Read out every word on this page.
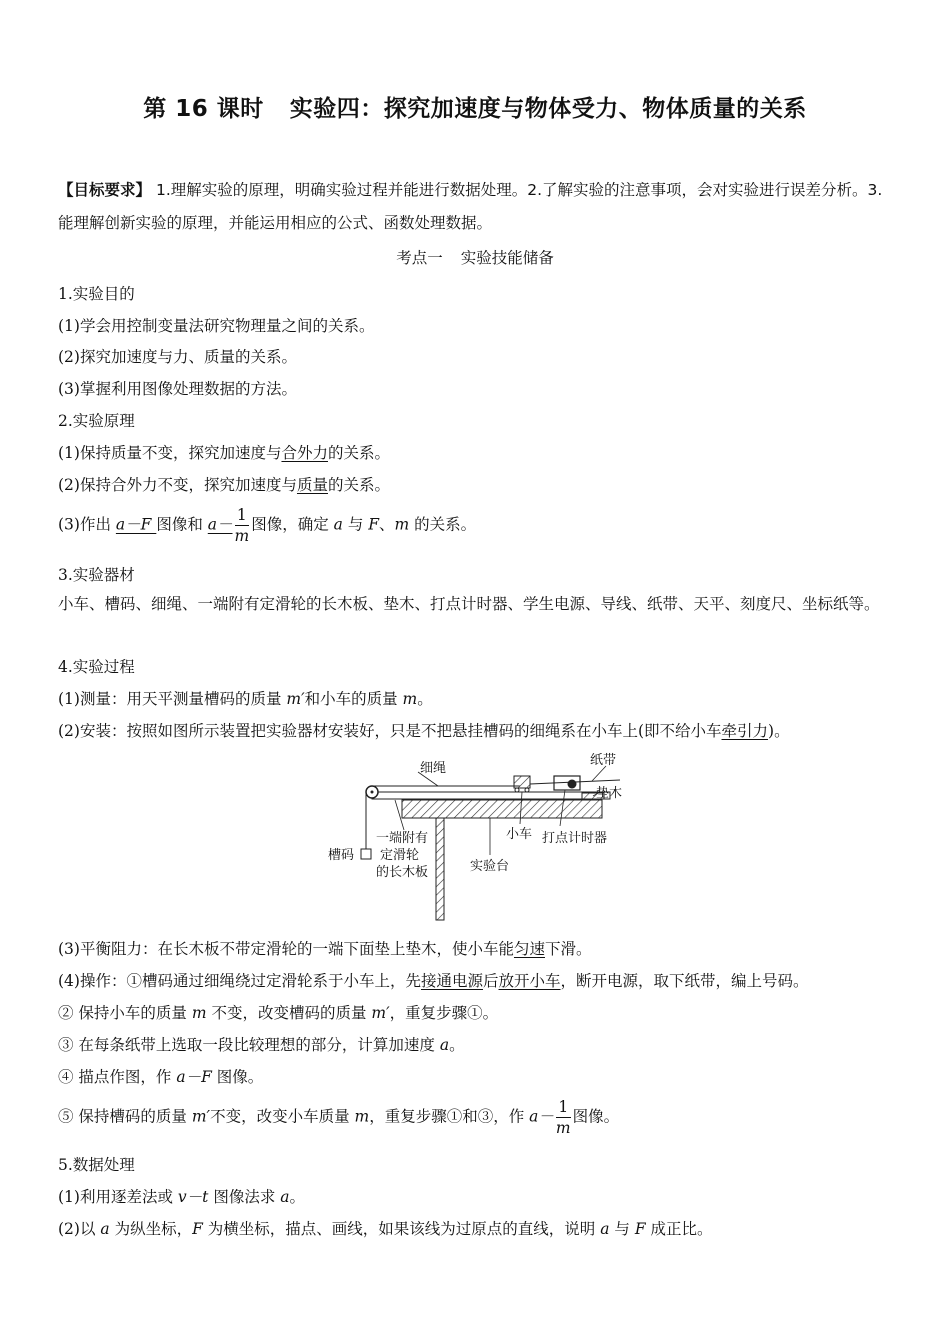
第 16 课时 实验四：探究加速度与物体受力、物体质量的关系
【目标要求】 1.理解实验的原理，明确实验过程并能进行数据处理。2.了解实验的注意事项，会对实验进行误差分析。3.能理解创新实验的原理，并能运用相应的公式、函数处理数据。
考点一 实验技能储备
1.实验目的
(1)学会用控制变量法研究物理量之间的关系。
(2)探究加速度与力、质量的关系。
(3)掌握利用图像处理数据的方法。
2.实验原理
(1)保持质量不变，探究加速度与合外力的关系。
(2)保持合外力不变，探究加速度与质量的关系。
(3)作出 a－F 图像和 $a- \frac{1}{m}$ 图像，确定 a 与 F、m 的关系。
3.实验器材
小车、槽码、细绳、一端附有定滑轮的长木板、垫木、打点计时器、学生电源、导线、纸带、天平、刻度尺、坐标纸等。
4.实验过程
(1)测量：用天平测量槽码的质量 m′和小车的质量 m。
(2)安装：按照如图所示装置把实验器材安装好，只是不把悬挂槽码的细绳系在小车上(即不给小车牵引力)。
细绳
纸带
垫木
小车 打点计时器
槽码
一端附有
定滑轮
的长木板	实验台
(3)平衡阻力：在长木板不带定滑轮的一端下面垫上垫木，使小车能匀速下滑。
(4)操作：①槽码通过细绳绕过定滑轮系于小车上，先接通电源后放开小车，断开电源，取下纸带，编上号码。
② 保持小车的质量 m 不变，改变槽码的质量 m′，重复步骤①。
③ 在每条纸带上选取一段比较理想的部分，计算加速度 a。
④ 描点作图，作 a－F 图像。
⑤ 保持槽码的质量 m′不变，改变小车质量 m，重复步骤①和③，作 $a- \frac{1}{m}$ 图像。
5.数据处理
(1)利用逐差法或 v－t 图像法求 a。
(2)以 a 为纵坐标，F 为横坐标，描点、画线，如果该线为过原点的直线，说明 a 与 F 成正比。
